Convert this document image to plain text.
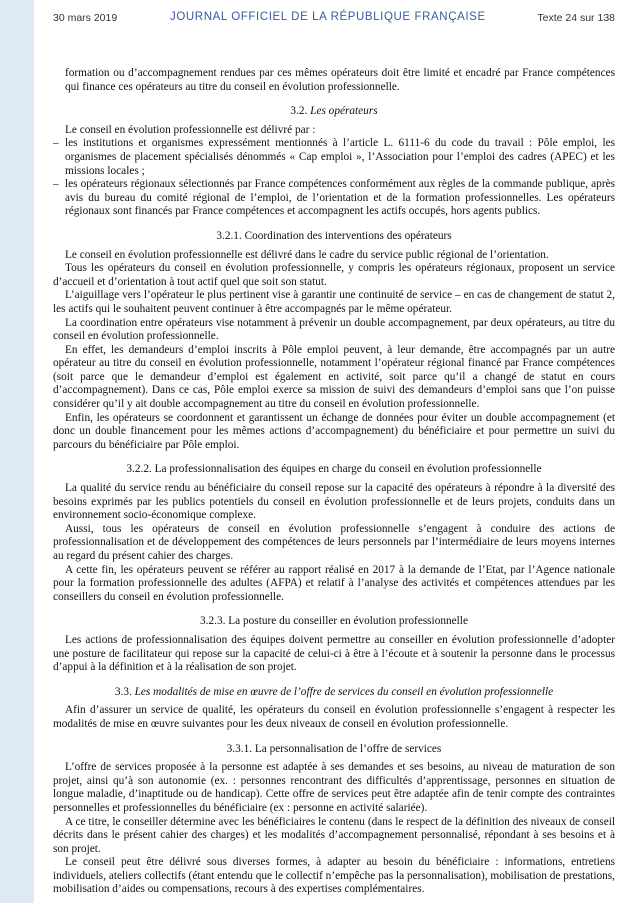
30 mars 2019	JOURNAL OFFICIEL DE LA RÉPUBLIQUE FRANÇAISE	Texte 24 sur 138

formation ou d’accompagnement rendues par ces mêmes opérateurs doit être limité et encadré par France compétences qui finance ces opérateurs au titre du conseil en évolution professionnelle.

3.2. Les opérateurs

Le conseil en évolution professionnelle est délivré par :

– les institutions et organismes expressément mentionnés à l’article L. 6111-6 du code du travail : Pôle emploi, les organismes de placement spécialisés dénommés « Cap emploi », l’Association pour l’emploi des cadres (APEC) et les missions locales ;
– les opérateurs régionaux sélectionnés par France compétences conformément aux règles de la commande publique, après avis du bureau du comité régional de l’emploi, de l’orientation et de la formation professionnelles. Les opérateurs régionaux sont financés par France compétences et accompagnent les actifs occupés, hors agents publics.

3.2.1. Coordination des interventions des opérateurs

Le conseil en évolution professionnelle est délivré dans le cadre du service public régional de l’orientation.

Tous les opérateurs du conseil en évolution professionnelle, y compris les opérateurs régionaux, proposent un service d’accueil et d’orientation à tout actif quel que soit son statut.

L’aiguillage vers l’opérateur le plus pertinent vise à garantir une continuité de service – en cas de changement de statut 2, les actifs qui le souhaitent peuvent continuer à être accompagnés par le même opérateur.

La coordination entre opérateurs vise notamment à prévenir un double accompagnement, par deux opérateurs, au titre du conseil en évolution professionnelle.

En effet, les demandeurs d’emploi inscrits à Pôle emploi peuvent, à leur demande, être accompagnés par un autre opérateur au titre du conseil en évolution professionnelle, notamment l’opérateur régional financé par France compétences (soit parce que le demandeur d’emploi est également en activité, soit parce qu’il a changé de statut en cours d’accompagnement). Dans ce cas, Pôle emploi exerce sa mission de suivi des demandeurs d’emploi sans que l’on puisse considérer qu’il y ait double accompagnement au titre du conseil en évolution professionnelle.

Enfin, les opérateurs se coordonnent et garantissent un échange de données pour éviter un double accompagnement (et donc un double financement pour les mêmes actions d’accompagnement) du bénéficiaire et pour permettre un suivi du parcours du bénéficiaire par Pôle emploi.

3.2.2. La professionnalisation des équipes en charge du conseil en évolution professionnelle

La qualité du service rendu au bénéficiaire du conseil repose sur la capacité des opérateurs à répondre à la diversité des besoins exprimés par les publics potentiels du conseil en évolution professionnelle et de leurs projets, conduits dans un environnement socio-économique complexe.

Aussi, tous les opérateurs de conseil en évolution professionnelle s’engagent à conduire des actions de professionnalisation et de développement des compétences de leurs personnels par l’intermédiaire de leurs moyens internes au regard du présent cahier des charges.

A cette fin, les opérateurs peuvent se référer au rapport réalisé en 2017 à la demande de l’Etat, par l’Agence nationale pour la formation professionnelle des adultes (AFPA) et relatif à l’analyse des activités et compétences attendues par les conseillers du conseil en évolution professionnelle.

3.2.3. La posture du conseiller en évolution professionnelle

Les actions de professionnalisation des équipes doivent permettre au conseiller en évolution professionnelle d’adopter une posture de facilitateur qui repose sur la capacité de celui-ci à être à l’écoute et à soutenir la personne dans le processus d’appui à la définition et à la réalisation de son projet.

3.3. Les modalités de mise en œuvre de l’offre de services du conseil en évolution professionnelle

Afin d’assurer un service de qualité, les opérateurs du conseil en évolution professionnelle s’engagent à respecter les modalités de mise en œuvre suivantes pour les deux niveaux de conseil en évolution professionnelle.

3.3.1. La personnalisation de l’offre de services

L’offre de services proposée à la personne est adaptée à ses demandes et ses besoins, au niveau de maturation de son projet, ainsi qu’à son autonomie (ex. : personnes rencontrant des difficultés d’apprentissage, personnes en situation de longue maladie, d’inaptitude ou de handicap). Cette offre de services peut être adaptée afin de tenir compte des contraintes personnelles et professionnelles du bénéficiaire (ex : personne en activité salariée).

A ce titre, le conseiller détermine avec les bénéficiaires le contenu (dans le respect de la définition des niveaux de conseil décrits dans le présent cahier des charges) et les modalités d’accompagnement personnalisé, répondant à ses besoins et à son projet.

Le conseil peut être délivré sous diverses formes, à adapter au besoin du bénéficiaire : informations, entretiens individuels, ateliers collectifs (étant entendu que le collectif n’empêche pas la personnalisation), mobilisation de prestations, mobilisation d’aides ou compensations, recours à des expertises complémentaires.
